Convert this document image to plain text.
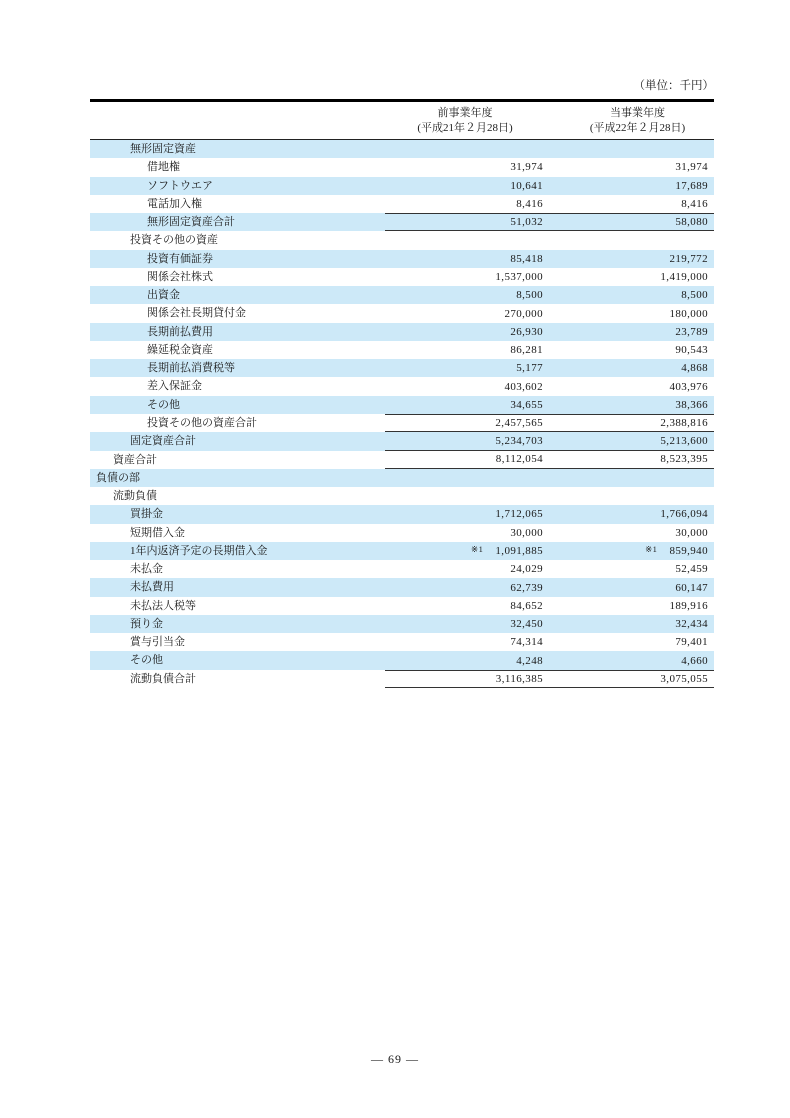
（単位：千円）
前事業年度
(平成21年２月28日)
当事業年度
(平成22年２月28日)
無形固定資産
借地権	31,974	31,974
ソフトウエア	10,641	17,689
電話加入権	8,416	8,416
無形固定資産合計	51,032	58,080
投資その他の資産
投資有価証券	85,418	219,772
関係会社株式	1,537,000	1,419,000
出資金	8,500	8,500
関係会社長期貸付金	270,000	180,000
長期前払費用	26,930	23,789
繰延税金資産	86,281	90,543
長期前払消費税等	5,177	4,868
差入保証金	403,602	403,976
その他	34,655	38,366
投資その他の資産合計	2,457,565	2,388,816
固定資産合計	5,234,703	5,213,600
資産合計	8,112,054	8,523,395
負債の部
流動負債
買掛金	1,712,065	1,766,094
短期借入金	30,000	30,000
1年内返済予定の長期借入金	※1 1,091,885	※1 859,940
未払金	24,029	52,459
未払費用	62,739	60,147
未払法人税等	84,652	189,916
預り金	32,450	32,434
賞与引当金	74,314	79,401
その他	4,248	4,660
流動負債合計	3,116,385	3,075,055
― 69 ―
